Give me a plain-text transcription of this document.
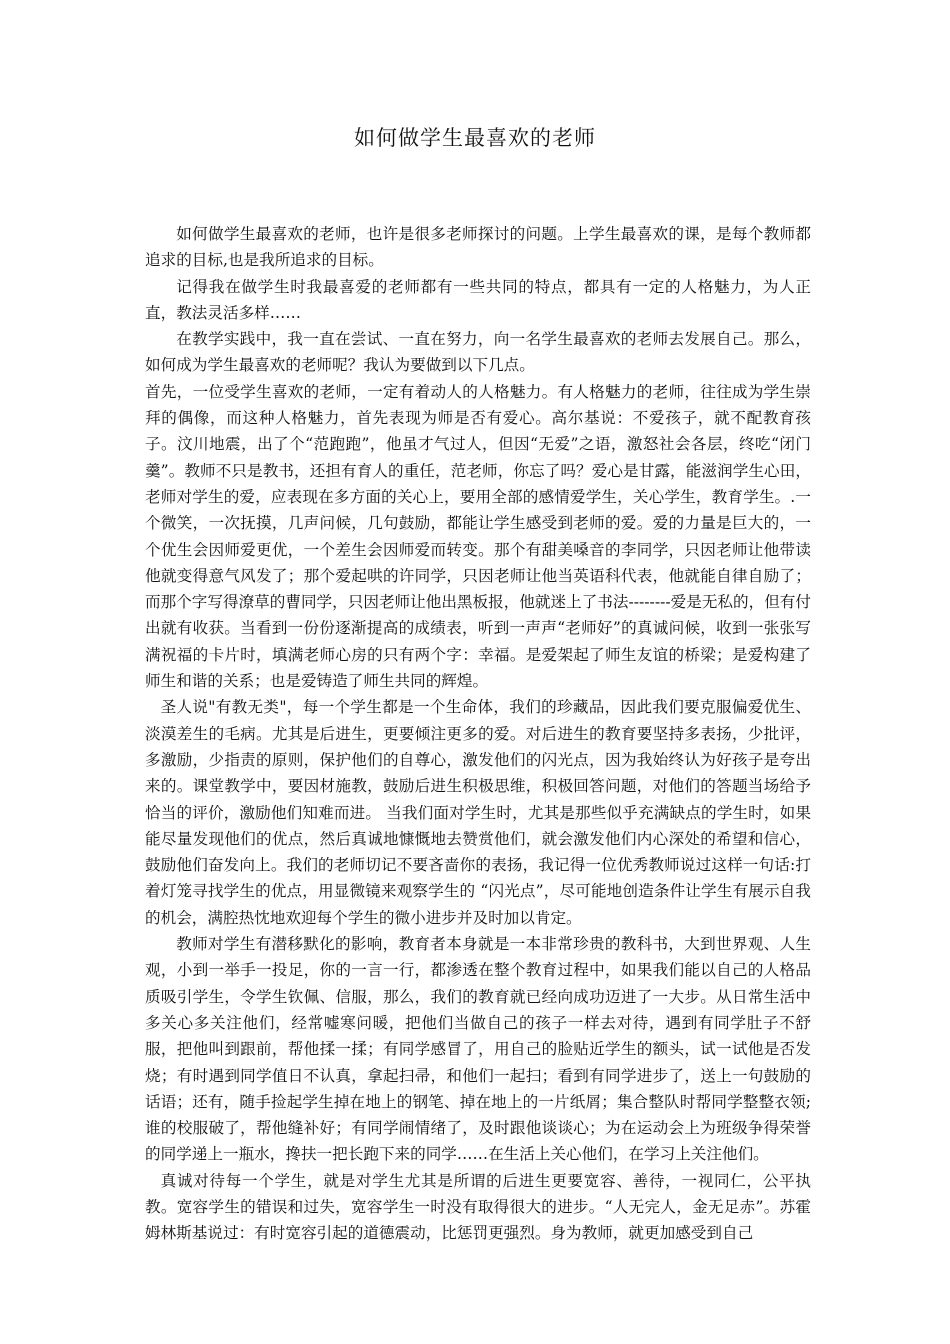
如何做学生最喜欢的老师

如何做学生最喜欢的老师，也许是很多老师探讨的问题。上学生最喜欢的课，是每个教师都追求的目标,也是我所追求的目标。

记得我在做学生时我最喜爱的老师都有一些共同的特点，都具有一定的人格魅力，为人正直，教法灵活多样……

在教学实践中，我一直在尝试、一直在努力，向一名学生最喜欢的老师去发展自己。那么，如何成为学生最喜欢的老师呢？我认为要做到以下几点。

首先，一位受学生喜欢的老师，一定有着动人的人格魅力。有人格魅力的老师，往往成为学生崇拜的偶像，而这种人格魅力，首先表现为师是否有爱心。高尔基说：不爱孩子，就不配教育孩子。汶川地震，出了个“范跑跑”，他虽才气过人，但因“无爱”之语，激怒社会各层，终吃“闭门羹”。教师不只是教书，还担有育人的重任，范老师，你忘了吗？爱心是甘露，能滋润学生心田，老师对学生的爱，应表现在多方面的关心上，要用全部的感情爱学生，关心学生，教育学生。.一个微笑，一次抚摸，几声问候，几句鼓励，都能让学生感受到老师的爱。爱的力量是巨大的，一个优生会因师爱更优，一个差生会因师爱而转变。那个有甜美嗓音的李同学，只因老师让他带读他就变得意气风发了；那个爱起哄的许同学，只因老师让他当英语科代表，他就能自律自励了；而那个字写得潦草的曹同学，只因老师让他出黑板报，他就迷上了书法--------爱是无私的，但有付出就有收获。当看到一份份逐渐提高的成绩表，听到一声声“老师好”的真诚问候，收到一张张写满祝福的卡片时，填满老师心房的只有两个字：幸福。是爱架起了师生友谊的桥梁；是爱构建了师生和谐的关系；也是爱铸造了师生共同的辉煌。

圣人说"有教无类"，每一个学生都是一个生命体，我们的珍藏品，因此我们要克服偏爱优生、淡漠差生的毛病。尤其是后进生，更要倾注更多的爱。对后进生的教育要坚持多表扬，少批评，多激励，少指责的原则，保护他们的自尊心，激发他们的闪光点，因为我始终认为好孩子是夸出来的。课堂教学中，要因材施教，鼓励后进生积极思维，积极回答问题，对他们的答题当场给予恰当的评价，激励他们知难而进。 当我们面对学生时，尤其是那些似乎充满缺点的学生时，如果能尽量发现他们的优点，然后真诚地慷慨地去赞赏他们，就会激发他们内心深处的希望和信心，鼓励他们奋发向上。我们的老师切记不要吝啬你的表扬，我记得一位优秀教师说过这样一句话:打着灯笼寻找学生的优点，用显微镜来观察学生的 “闪光点”，尽可能地创造条件让学生有展示自我的机会，满腔热忱地欢迎每个学生的微小进步并及时加以肯定。

教师对学生有潜移默化的影响，教育者本身就是一本非常珍贵的教科书，大到世界观、人生观，小到一举手一投足，你的一言一行，都渗透在整个教育过程中，如果我们能以自己的人格品质吸引学生，令学生钦佩、信服，那么，我们的教育就已经向成功迈进了一大步。从日常生活中多关心多关注他们，经常嘘寒问暖，把他们当做自己的孩子一样去对待，遇到有同学肚子不舒服，把他叫到跟前，帮他揉一揉；有同学感冒了，用自己的脸贴近学生的额头，试一试他是否发烧；有时遇到同学值日不认真，拿起扫帚，和他们一起扫；看到有同学进步了，送上一句鼓励的话语；还有，随手捡起学生掉在地上的钢笔、掉在地上的一片纸屑；集合整队时帮同学整整衣领;谁的校服破了，帮他缝补好；有同学闹情绪了，及时跟他谈谈心；为在运动会上为班级争得荣誉的同学递上一瓶水，搀扶一把长跑下来的同学……在生活上关心他们，在学习上关注他们。

真诚对待每一个学生，就是对学生尤其是所谓的后进生更要宽容、善待，一视同仁，公平执教。宽容学生的错误和过失，宽容学生一时没有取得很大的进步。“人无完人，金无足赤”。苏霍姆林斯基说过：有时宽容引起的道德震动，比惩罚更强烈。身为教师，就更加感受到自己
